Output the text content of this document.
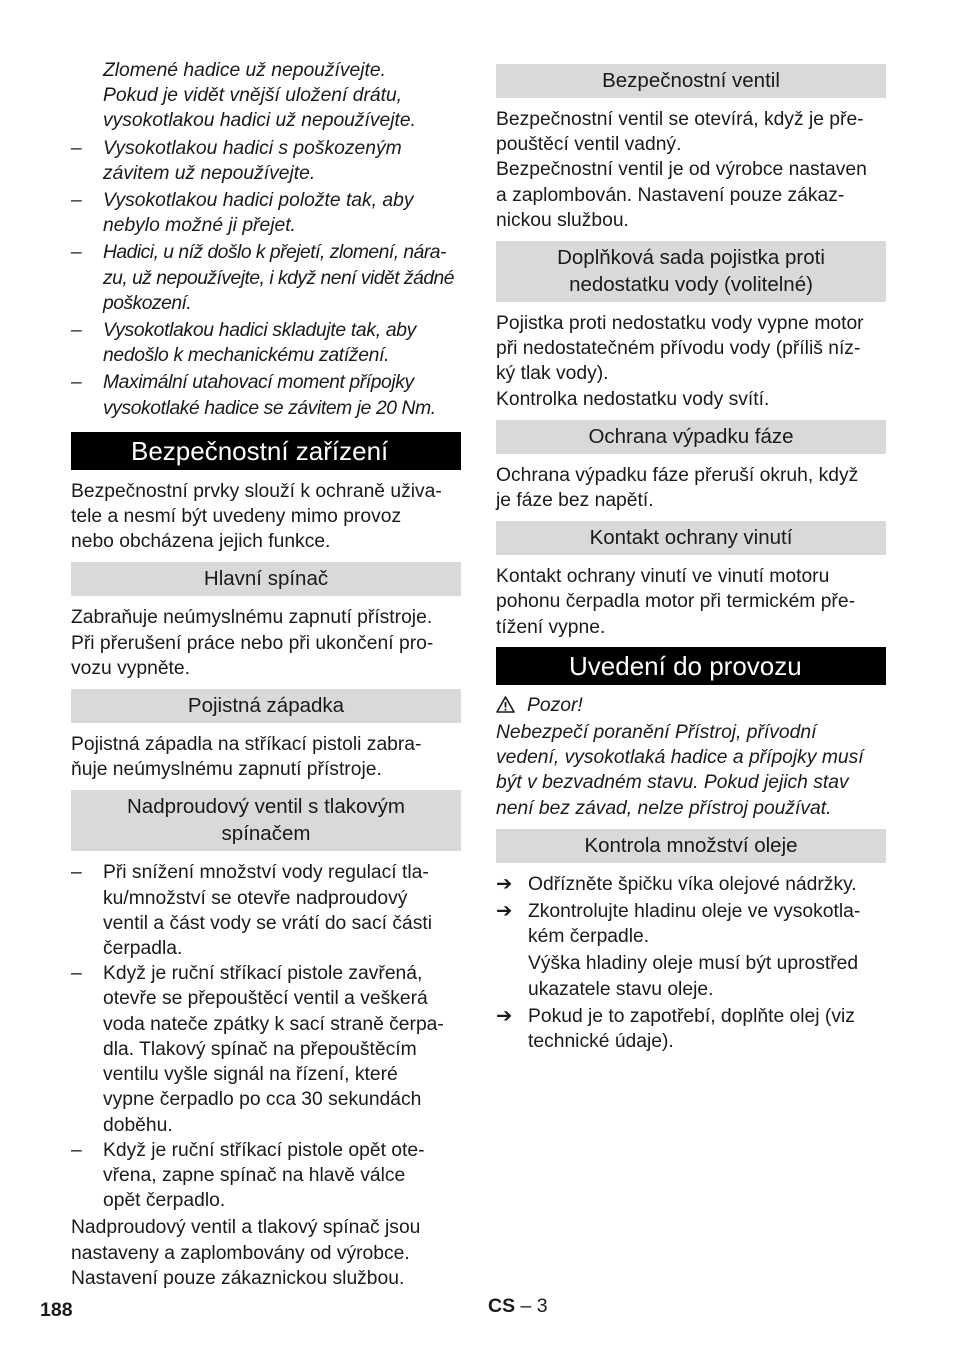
Zlomené hadice už nepoužívejte.

Pokud je vidět vnější uložení drátu,

vysokotlakou hadici už nepoužívejte.

– Vysokotlakou hadici s poškozeným

závitem už nepoužívejte.

– Vysokotlakou hadici položte tak, aby

nebylo možné ji přejet.

– Hadici, u níž došlo k přejetí, zlomení, nára-

zu, už nepoužívejte, i když není vidět žádné

poškození.

– Vysokotlakou hadici skladujte tak, aby

nedošlo k mechanickému zatížení.

– Maximální utahovací moment přípojky

vysokotlaké hadice se závitem je 20 Nm.

Bezpečnostní zařízení

Bezpečnostní prvky slouží k ochraně uživa-

tele a nesmí být uvedeny mimo provoz

nebo obcházena jejich funkce.

Hlavní spínač

Zabraňuje neúmyslnému zapnutí přístroje.

Při přerušení práce nebo při ukončení pro-

vozu vypněte.

Pojistná západka

Pojistná západla na stříkací pistoli zabra-

ňuje neúmyslnému zapnutí přístroje.

Nadproudový ventil s tlakovým
spínačem
– Při snížení množství vody regulací tla-

ku/množství se otevře nadproudový

ventil a část vody se vrátí do sací části

čerpadla.

– Když je ruční stříkací pistole zavřená,

otevře se přepouštěcí ventil a veškerá

voda nateče zpátky k sací straně čerpa-

dla. Tlakový spínač na přepouštěcím

ventilu vyšle signál na řízení, které

vypne čerpadlo po cca 30 sekundách

doběhu.

– Když je ruční stříkací pistole opět ote-

vřena, zapne spínač na hlavě válce

opět čerpadlo.

Nadproudový ventil a tlakový spínač jsou

nastaveny a zaplombovány od výrobce.

Nastavení pouze zákaznickou službou.

Bezpečnostní ventil

Bezpečnostní ventil se otevírá, když je pře-

pouštěcí ventil vadný.

Bezpečnostní ventil je od výrobce nastaven

a zaplombován. Nastavení pouze zákaz-

nickou službou.

Doplňková sada pojistka proti
nedostatku vody (volitelné)

Pojistka proti nedostatku vody vypne motor

při nedostatečném přívodu vody (příliš níz-

ký tlak vody).

Kontrolka nedostatku vody svítí.

Ochrana výpadku fáze

Ochrana výpadku fáze přeruší okruh, když

je fáze bez napětí.

Kontakt ochrany vinutí

Kontakt ochrany vinutí ve vinutí motoru

pohonu čerpadla motor při termickém pře-

tížení vypne.

Uvedení do provozu
Pozor!

Nebezpečí poranění Přístroj, přívodní

vedení, vysokotlaká hadice a přípojky musí

být v bezvadném stavu. Pokud jejich stav

není bez závad, nelze přístroj používat.

Kontrola množství oleje
➔ Odřízněte špičku víka olejové nádržky.

➔ Zkontrolujte hladinu oleje ve vysokotla-

kém čerpadle.

Výška hladiny oleje musí být uprostřed

ukazatele stavu oleje.

➔ Pokud je to zapotřebí, doplňte olej (viz

technické údaje).

188	CS – 3
